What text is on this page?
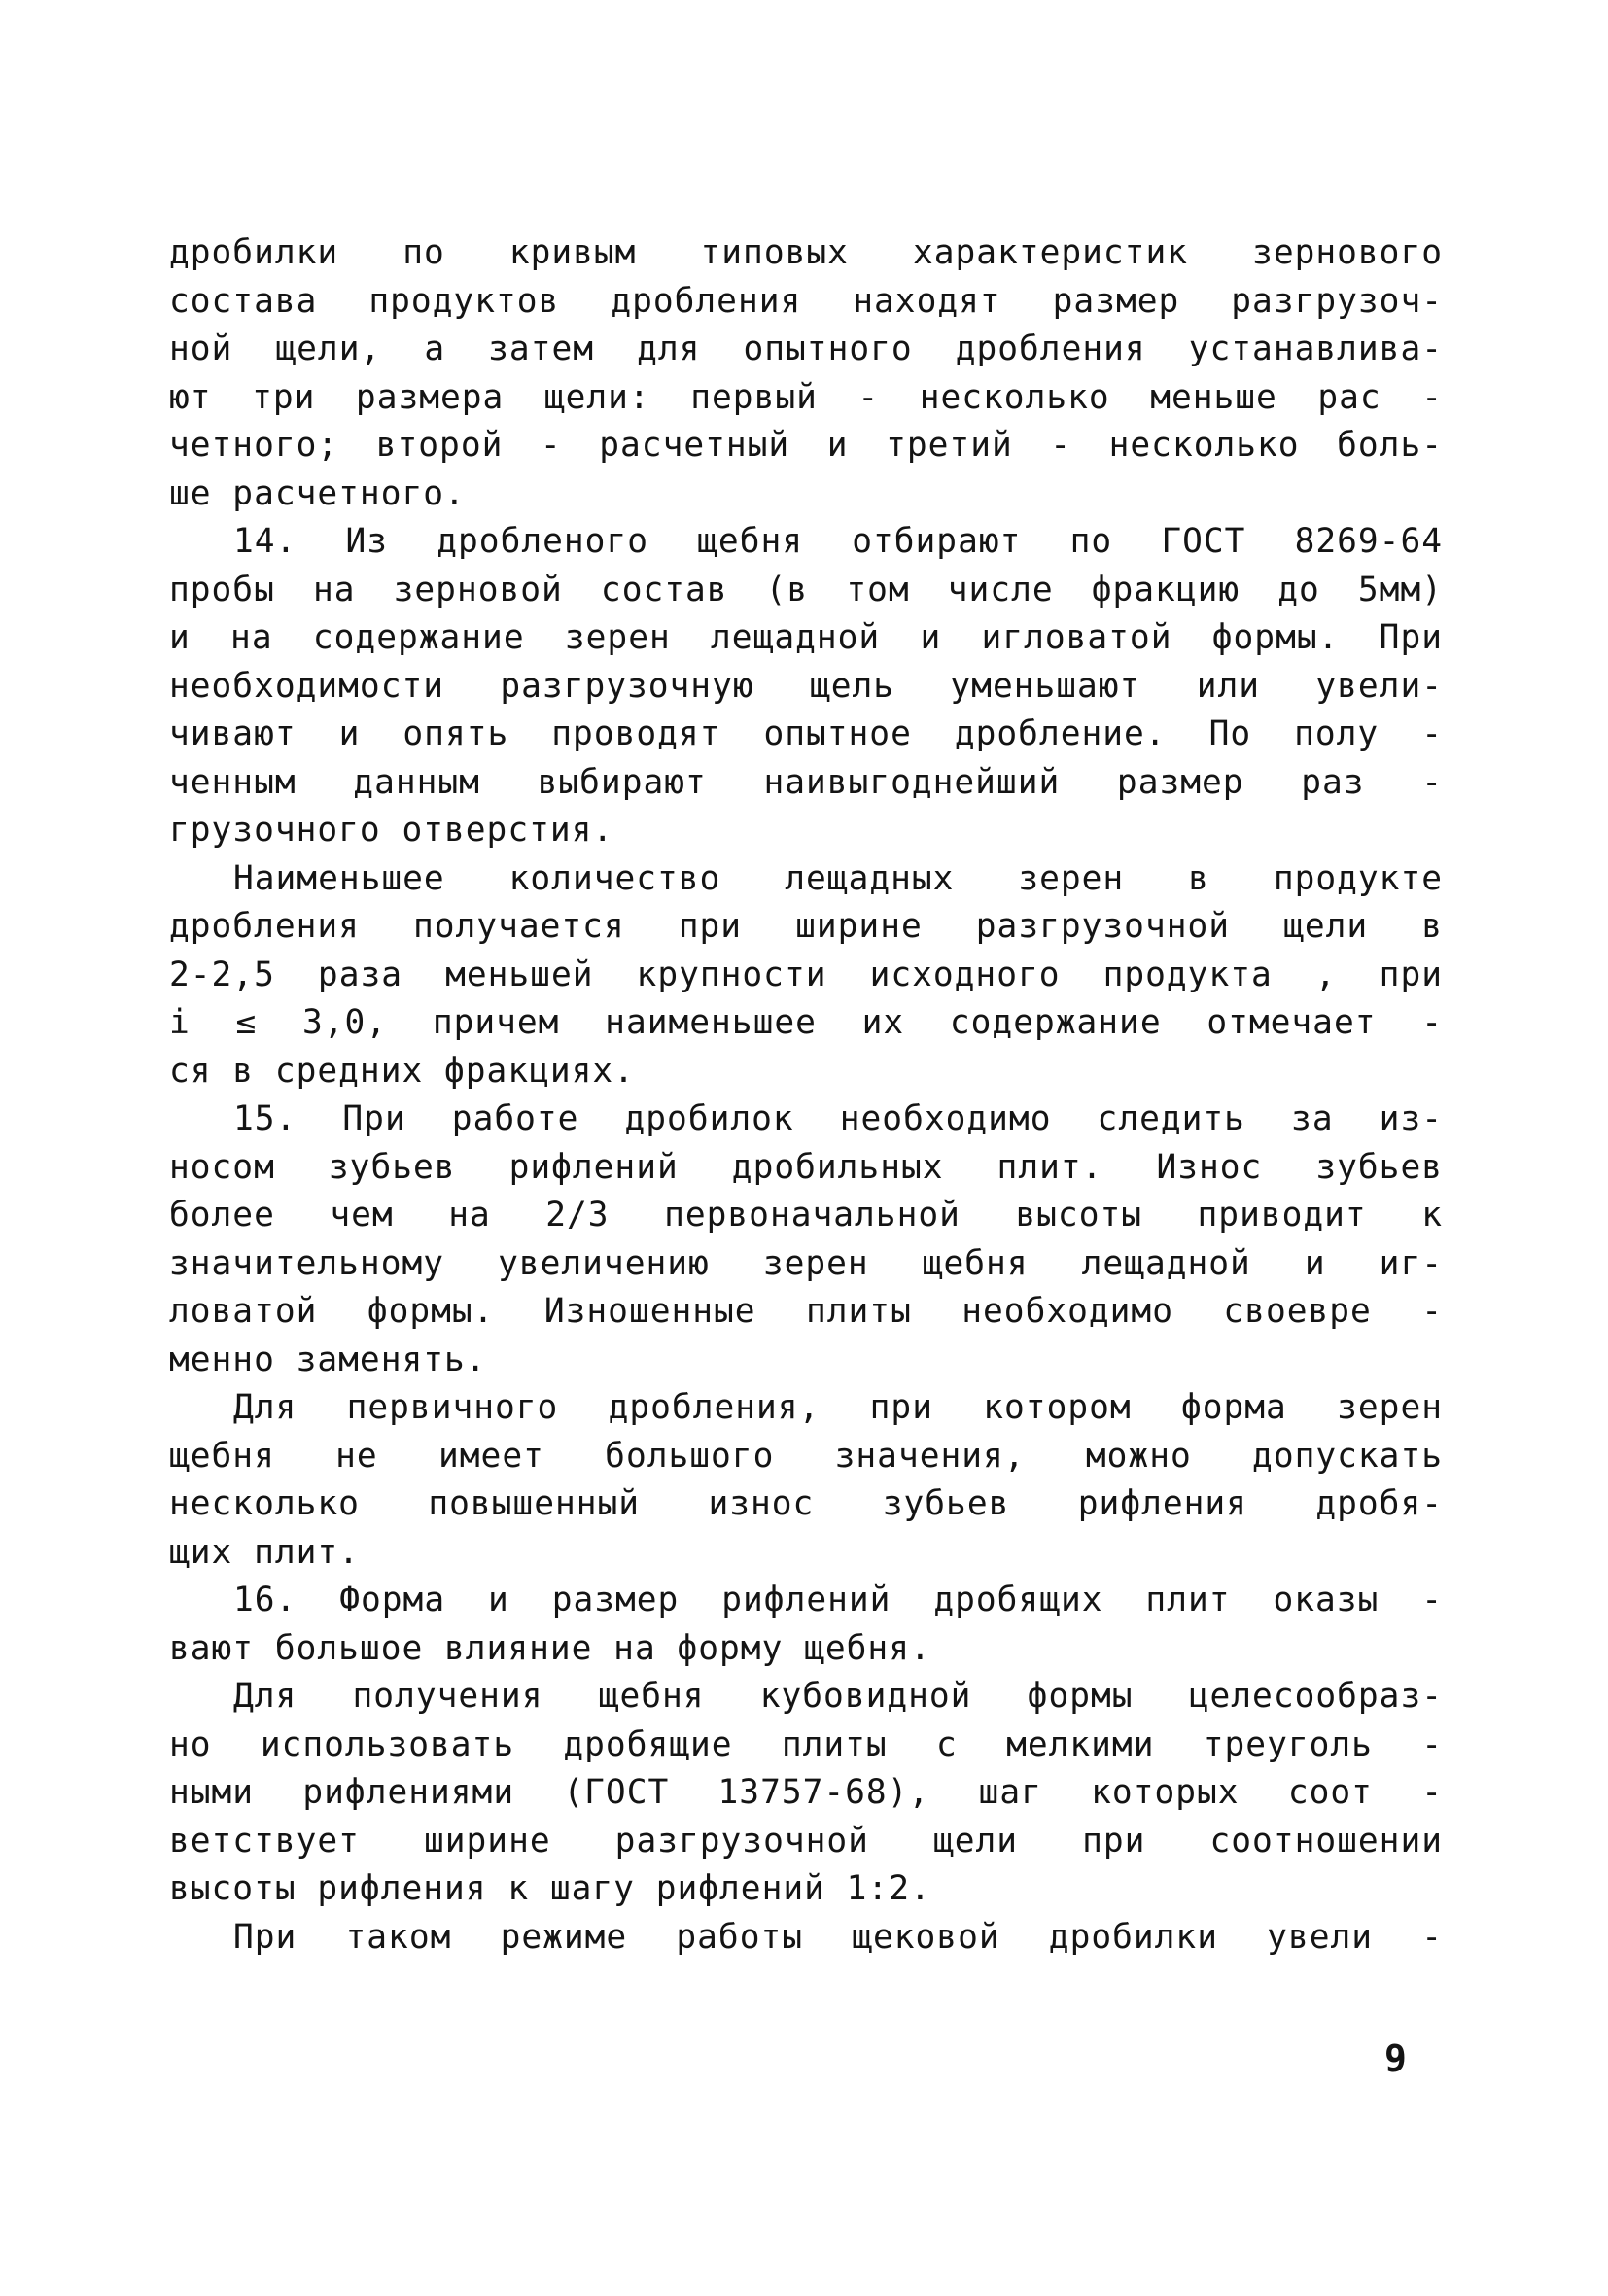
дробилки по кривым типовых характеристик зернового
состава продуктов дробления находят размер разгрузоч-
ной щели, а затем для опытного дробления устанавлива-
ют три размера щели: первый - несколько меньше рас -
четного; второй - расчетный и третий - несколько боль-
ше расчетного.
14. Из дробленого щебня отбирают по ГОСТ 8269-64
пробы на зерновой состав (в том числе фракцию до 5мм)
и на содержание зерен лещадной и игловатой формы. При
необходимости разгрузочную щель уменьшают или увели-
чивают и опять проводят опытное дробление. По полу -
ченным данным выбирают наивыгоднейший размер раз -
грузочного отверстия.
Наименьшее количество лещадных зерен в продукте
дробления получается при ширине разгрузочной щели в
2-2,5 раза меньшей крупности исходного продукта , при
i ≤ 3,0, причем наименьшее их содержание отмечает -
ся в средних фракциях.
15. При работе дробилок необходимо следить за из-
носом зубьев рифлений дробильных плит. Износ зубьев
более чем на 2/3 первоначальной высоты приводит к
значительному увеличению зерен щебня лещадной и иг-
ловатой формы. Изношенные плиты необходимо своевре -
менно заменять.
Для первичного дробления, при котором форма зерен
щебня не имеет большого значения, можно допускать
несколько повышенный износ зубьев рифления дробя-
щих плит.
16. Форма и размер рифлений дробящих плит оказы -
вают большое влияние на форму щебня.
Для получения щебня кубовидной формы целесообраз-
но использовать дробящие плиты с мелкими треуголь -
ными рифлениями (ГОСТ 13757-68), шаг которых соот -
ветствует ширине разгрузочной щели при соотношении
высоты рифления к шагу рифлений 1:2.
При таком режиме работы щековой дробилки увели -
9
